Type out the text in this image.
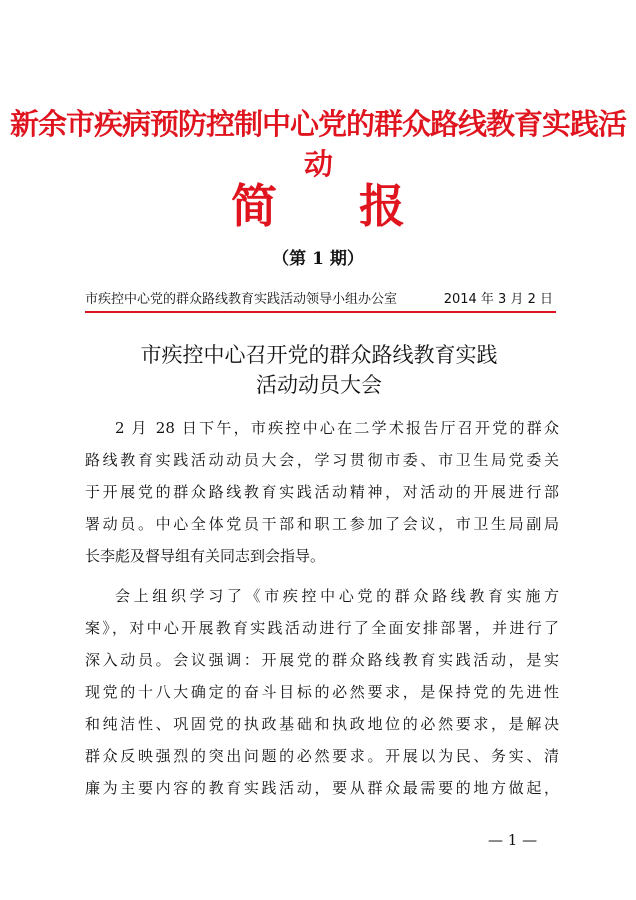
新余市疾病预防控制中心党的群众路线教育实践活动
简报
（第 1 期）
市疾控中心党的群众路线教育实践活动领导小组办公室	2014 年 3 月 2 日
市疾控中心召开党的群众路线教育实践
活动动员大会
2 月 28 日下午，市疾控中心在二学术报告厅召开党的群众
路线教育实践活动动员大会，学习贯彻市委、市卫生局党委关
于开展党的群众路线教育实践活动精神，对活动的开展进行部
署动员。中心全体党员干部和职工参加了会议，市卫生局副局
长李彪及督导组有关同志到会指导。
会上组织学习了《市疾控中心党的群众路线教育实施方
案》，对中心开展教育实践活动进行了全面安排部署，并进行了
深入动员。会议强调：开展党的群众路线教育实践活动，是实
现党的十八大确定的奋斗目标的必然要求，是保持党的先进性
和纯洁性、巩固党的执政基础和执政地位的必然要求，是解决
群众反映强烈的突出问题的必然要求。开展以为民、务实、清
廉为主要内容的教育实践活动，要从群众最需要的地方做起，
— 1 —
